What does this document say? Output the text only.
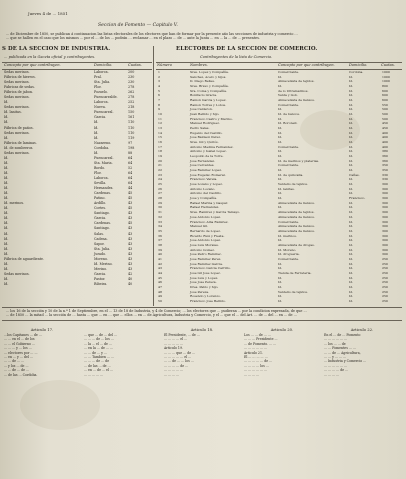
Jueves 4 de ... 1851
Seccion de Fomento — Capitulo V.
... de Diciembre de 1850, se publican á continuacion las listas electorales de los electores que han de formar por la presente año las secciones de industria y comercio ...
... que se hallen en el caso que los mismos ... por el ... de los ... podrán ... reclamar ... en el plazo ... de ... ante la Junta ... en ... la ... de ... presentes.
S DE LA SECCION DE INDUSTRIA.
... publicada en la Gaceta oficial y contribuyentes.
Concepto por que contribuyen.	Domicilio.	Cuotas.
Sedas merinos.	Laborca.	200
Fábrica de hierros.	Pral.	230
Sedas merinos.	Sta. Julia.	230
Fabricas de sedas.	Flor.	278
Fábrica de jabon.	Pozuelo.	262
Sedas merinos.	Fuencarralde.	278
Id.	Laborca.	252
Sedas merinos.	Nueva.	218
Id. lanitas.	Fuencarral.	150
Id.	Garcia.	161
Id.	Id.	110
Fábrica de paños.	Id.	110
Sedas merinos.	Id.	110
Id.	Id.	119
Fábrica de laminas.	Nazareno.	97
Id. de sombreros.	Cordoba.	198
Sedas merinos.	Id.	88
Id.	Fuencarral.	64
Id.	Sta. Maria.	64
Id.	Bordo.	52
Id.	Flor.	64
Id.	Laborca.	64
Id.	Sevilla.	64
Id.	Hernandez.	44
Id.	Cardenas.	45
Id.	Patino.	45
Id. merinos.	Ardillo.	43
Id.	Cortes.	45
Id.	Santiago.	43
Id.	Garcia.	43
Id.	Cardenas.	45
Id.	Santiago.	43
Id.	Salas.	43
Id.	Cadena.	43
Id.	Sapor.	43
Id.	Sta. Julia.	43
Id.	Jurado.	43
Fábrica de aguardiente.	Moreno.	43
Id.	Id. Merino.	43
Id.	Merino.	43
Sedas merinos.	Garcia.	42
Id.	Pastor.	40
Id.	Ribeira.	40
ELECTORES DE LA SECCION DE COMERCIO.
Contribuyentes de la lista de Comercio.
Número	Nombres.	Concepto por que contribuyen.	Domicilio.	Cuotas.
1	Sres. Lopez y Compañía.	Comerciante.	Cordoba.	1000
2	Sanchez, Acero y hijos.	Id.	Id.	1000
3	D. Diego Belles.	Almacenista de tejidos.	Id.	1000
4	Sres. Bravo y Compañía.	Id.	Id.	800
5	Sra. Coma y Compañía.	de lo Ultramarinos.	Id.	600
6	Bonifacio Gracia.	Venta y Gob.	Id.	600
7	Ramon Garcia y Lopez.	Almacenista de lienzos.	Id.	600
8	Ramon Torres y Lobos.	Comerciante.	Id.	550
9	Jose Calderon.	Id.	Id.	500
10	Juan Bellido y hijo.	Id. de bancos.	Id.	500
11	Francisco Castro y Merino.	Id.	Id.	500
12	Manuel Rodriguez.	Id. Boronell.	Id.	450
13	Pedro Salas.	Id.	Id.	450
14	Eugenio del Castillo.	Id.	Id.	400
15	Jose Baldeon Perez.	Id.	Id.	400
16	Sres. Gil y Quirós.	Id.	Id.	400
17	Antonio Medina Fernandez.	Comerciante.	Id.	400
18	Antonio y Isabel Lopez.	Id.	Id.	380
19	Leopoldo de la Torre.	Id.	Id.	360
20	Jose Fernandez.	Id. de merinos y platerias.	Id.	360
21	Jose Cervantes.	Comerciante.	Id.	350
22	Jose Ramirez Lopez.	Id.	Id.	350
23	Jose Eugenio Romeral.	Id. de quincalla.	Cañas.	330
24	Francisco Varela.	Id.	Id.	330
25	Jose Lozano y Lopez.	Ventelio de tejidos.	Id.	300
26	Antonio Lozano.	Id. lanitas.	Id.	300
27	Antonio del Castillo.	Id.	Id.	300
28	Jose y Compañía.	Id.	Francisco.	300
29	Rafael Marina y Gaspar.	Almacenista de lienzos.	Id.	300
30	Rafael Hernandez.	Id.	Id.	300
31	Sres. Ramirez y Garcia Tamayo.	Almacenista de tejidos.	Id.	300
32	Jose Antonio Lopez.	Almacenista de lienzos.	Id.	300
33	Francisco Alba Ramirez.	Comerciante.	Id.	300
34	Manuel Gil.	Almacenista de lienzos.	Id.	300
35	Bernardo de Lopez.	Almacenista de lienzos.	Id.	300
36	Ricardo Ruiz y Fiesta.	Id. merinos.	Id.	300
37	Jose Antonio Lopez.	Id.	Id.	300
38	Jose Luis Morales.	Almacenista de drogas.	Id.	300
39	Antonio Gomez.	Id. Moreno.	Id.	300
40	Jose Pedro Ramirez.	Id. drogueria.	Id.	300
41	Jose Ramirez Perez.	Comerciante.	Id.	250
42	Jose Ramirez Garcia.	Id.	Id.	250
43	Francisco Garcia Carrillo.	Id.	Id.	250
44	Jose Gil Jose Lopez.	Tienda de Ferreteria.	Id.	250
45	Jose Luis y Lopez.	Id.	Id.	250
46	Jose Jose Pereza.	Id.	Id.	250
47	Dres. Pablo y hijo.	Id.	Id.	250
48	Jose Pereza.	Ventelio de tejidos.	Id.	250
49	Rosendo y Lorenzo.	Id.	Id.	250
50	Francisco Jose Bellido.	Id.	Id.	250
... los 16 de la sección y 10 de la n.º 1 de Septiembre, en el ... 13 de 18 de Industria, y 4 de Comercio; ... los electores que ... pudieran ... por la condicion expresada, de que ...
... de 1850 ... la mitad ... la sección de ... hasta ... que ... en ... que ... ellos ... en ... de Agricultura, Industria y Comercio, y el ... que el ... del Art. ... de ... del ... en ... de ...
Articulo 17.
...los Capitanes ... de ...
... ... en el ... de los
... ... el Gobierno ...
... ... ... y ... los ...
... electores por ... ...
... en ... y ... del ...
... ... de ... ...
... y los ... de ...
... ... de ... de ...
... de las ... Cordoba.
... que ... de ... del ...
... ... ... de ... los ...
... la ... el ... de ...
... en la ... de ... ...
... ... de ... y ...
... ... Tambien ... ...
... ... ... de ... de
... de las ... de ...
... en ... de ... el ...
... ... ... ... ...
Articulo 18.
El Presidente, ... de ...
... ... ... ... el ...
... ... ... ... ...
Articulo 19.
... ... ... que ... de ...
... ... ... ... ... el ...
... ... de ... ... los ...
... ... ... ... de ...
... ... ... ... ...
... ... ... ...
Articulo 20.
Los ... ... de ... ...
... ... ... Presidente ...
... de Fomento. ... ...
... ... ... ... ... ...
Articulo 21.
El ... ... ... ... ...
... ... ... ... ... de ...
... ... ... ... los ...
... ... ... ... ... ...
... ... ... ...
Articulo 22.
En el ... de ... Fomento
... ... ... ... ... ...
... los ... ... de
... ... Fomentes ... ...
... ... de ... Agricultura,
... ... y ... ... ...
... Industria y Comercio ...
... ... ... ... ... ...
... ... ... ... de ...
... ... ... ...
